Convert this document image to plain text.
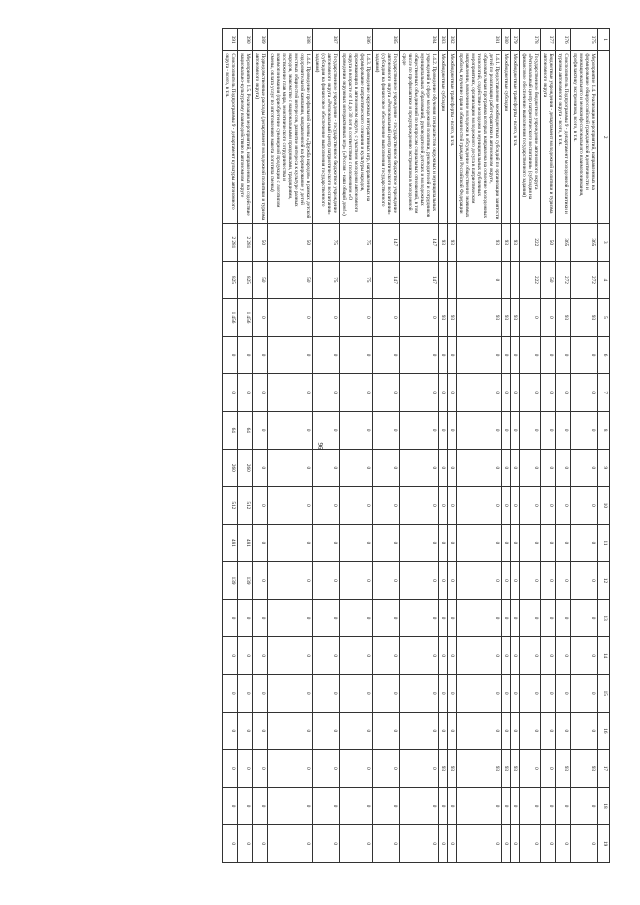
96
1	2	3	4	5	6	7	8	9	10	11	12	13	14	15	16	17	18	19
375	Мероприятие 1.4. Реализация мероприятий, направленных на формирование общероссийской гражданской идентичности и межнационального и межконфессионального взаимопонимания, профилактику экстремизма, всего, в т.ч.	365	272	93	0	0	0	0	0	0	0	0	0	0	0	93	0	0
376	Соисполнитель Подпрограммы 9 - департамент молодежной политики и туризма автономного округа - всего, в т.ч.	365	272	93	0	0	0	0	0	0	0	0	0	0	0	93	0	0
377	Бюджетные учреждения - департамент молодежной политики и туризма автономного округа	50	50	0	0	0	0	0	0	0	0	0	0	0	0	0	0	0
378	Государственное бюджетное учреждение автономного округа «Региональный центр патриотического воспитания» (субсидия на финансовое обеспечение выполнения государственного задания)	222	222	0	0	0	0	0	0	0	0	0	0	0	0	0	0	0
379	Межбюджетные трансферты - всего, в т.ч.	93		93	0	0	0	0	0	0	0	0	0	0	0	93	0	0
380	Межбюджетные субсидии	93		93	0	0	0	0	0	0	0	0	0	0	0	93	0	0
381	1.4.1. Предоставление межбюджетных субсидий по организации занятости детей по реализации работ-практики в автономном округе, образовательная программа которых направлена на освоение молодежных технологий, содействие молодежи в муниципальных публичных мероприятиях, организацию молодежного досуга в патриотическом направлении, вовлечение молодежи в обсуждение общественно значимых проблем, изучение прав и обязанностей граждан Российской Федерации	93	0	93	0	0	0	0	0	0	0	0	0	0	0	93	0	0
382	Межбюджетные трансферты - всего, в т.ч.	93		93	0	0	0	0	0	0	0	0	0	0	0	93	0	0
383	Межбюджетные субсидии	93		93	0	0	0	0	0	0	0	0	0	0	0	93	0	0
384	1.4.2. Проведение обучения специалистов окружных и муниципальных учреждений в сфере молодежной политики, руководителей и сотрудников муниципальных образований, руководителей детских и молодежных общественных объединений по вопросам социальных отношений, в том числе по профилактике и предупреждению экстремизма в молодежной среде	147	147	0	0	0	0	0	0	0	0	0	0	0	0	0	0	0
385	Государственное учреждение - государственное бюджетное учреждение автономного округа «Региональный центр патриотического воспитания» (субсидия на финансовое обеспечение выполнения государственного задания)	147	147	0	0	0	0	0	0	0	0	0	0	0	0	0	0	0
386	1.4.3. Проведение окружных интерактивных игр, направленных на формирование патриотического сознания и культуры народов, проживающих в автономном округе, с участием молодежи автономного округа в возрасте от 14 до 30 лет в соответствии с положением «О проведении окружных интерактивных игр» («Россия - наш общий дом!»)	75	75	0	0	0	0	0	0	0	0	0	0	0	0	0	0	0
387	Государственное учреждение - государственное бюджетное учреждение автономного округа «Региональный центр патриотического воспитания» (субсидия на финансовое обеспечение выполнения государственного задания)	75	75	0	0	0	0	0	0	0	0	0	0	0	0	0	0	0
388	1.4.4. Проведение профильной смены «Дружба народов» в рамках детской оздоровительной кампании, направленной на формирование у детей местных общностей интересов, развитие интереса к культуре разных народов, знакомство с национальными праздниками, традициями, постижение глав мира, межэтнического сотрудничества и взаимопонимания (приобретение сувенирной продукции с логотипом смены, оплата услуг по изготовлению макета логотипа смены)	50	50	0	0	0	0	0	0	0	0	0	0	0	0	0	0	0
389	Подведомственные расходы (департамент молодежной политики и туризма автономного округа)	50	50	0	0	0	0	0	0	0	0	0	0	0	0	0	0	0
390	Мероприятие 1.5. Реализация мероприятий, направленных на содействие национально-культурному взаимодействию в автономном округе	2 281	825	1 456	0	0	64	260	512	481	139	0	0	0	0	0	0	0
391	Соисполнитель Подпрограммы 9 - департамент культуры автономного округа - всего, в т.ч.	2 281	825	1 456	0	0	64	260	512	481	139	0	0	0	0	0	0	0
